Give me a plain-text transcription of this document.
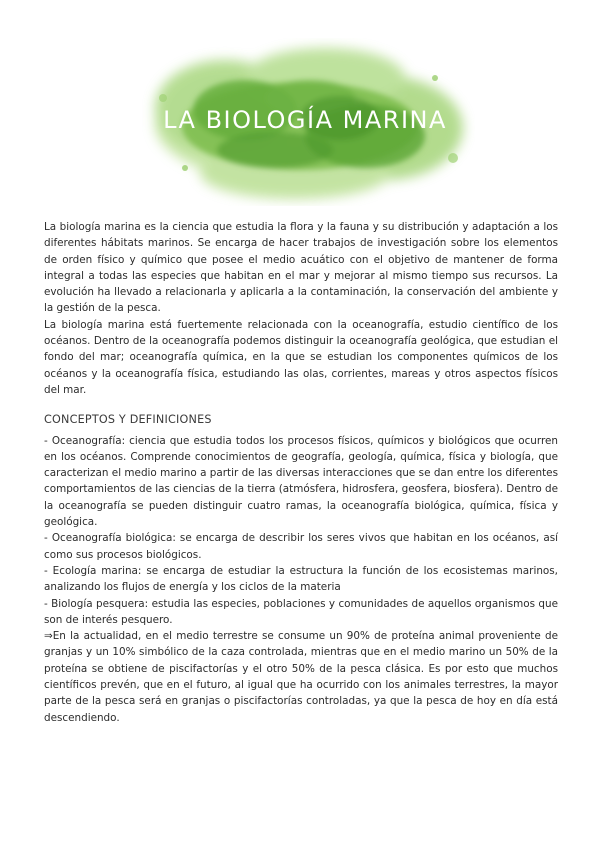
LA BIOLOGÍA MARINA

La biología marina es la ciencia que estudia la flora y la fauna y su distribución y adaptación a los diferentes hábitats marinos. Se encarga de hacer trabajos de investigación sobre los elementos de orden físico y químico que posee el medio acuático con el objetivo de mantener de forma integral a todas las especies que habitan en el mar y mejorar al mismo tiempo sus recursos. La evolución ha llevado a relacionarla y aplicarla a la contaminación, la conservación del ambiente y la gestión de la pesca.

La biología marina está fuertemente relacionada con la oceanografía, estudio científico de los océanos. Dentro de la oceanografía podemos distinguir la oceanografía geológica, que estudian el fondo del mar; oceanografía química, en la que se estudian los componentes químicos de los océanos y la oceanografía física, estudiando las olas, corrientes, mareas y otros aspectos físicos del mar.

CONCEPTOS Y DEFINICIONES

- Oceanografía: ciencia que estudia todos los procesos físicos, químicos y biológicos que ocurren en los océanos. Comprende conocimientos de geografía, geología, química, física y biología, que caracterizan el medio marino a partir de las diversas interacciones que se dan entre los diferentes comportamientos de las ciencias de la tierra (atmósfera, hidrosfera, geosfera, biosfera). Dentro de la oceanografía se pueden distinguir cuatro ramas, la oceanografía biológica, química, física y geológica.

- Oceanografía biológica: se encarga de describir los seres vivos que habitan en los océanos, así como sus procesos biológicos.

- Ecología marina: se encarga de estudiar la estructura la función de los ecosistemas marinos, analizando los flujos de energía y los ciclos de la materia

- Biología pesquera: estudia las especies, poblaciones y comunidades de aquellos organismos que son de interés pesquero.

⇒En la actualidad, en el medio terrestre se consume un 90% de proteína animal proveniente de granjas y un 10% simbólico de la caza controlada, mientras que en el medio marino un 50% de la proteína se obtiene de piscifactorías y el otro 50% de la pesca clásica. Es por esto que muchos científicos prevén, que en el futuro, al igual que ha ocurrido con los animales terrestres, la mayor parte de la pesca será en granjas o piscifactorías controladas, ya que la pesca de hoy en día está descendiendo.
